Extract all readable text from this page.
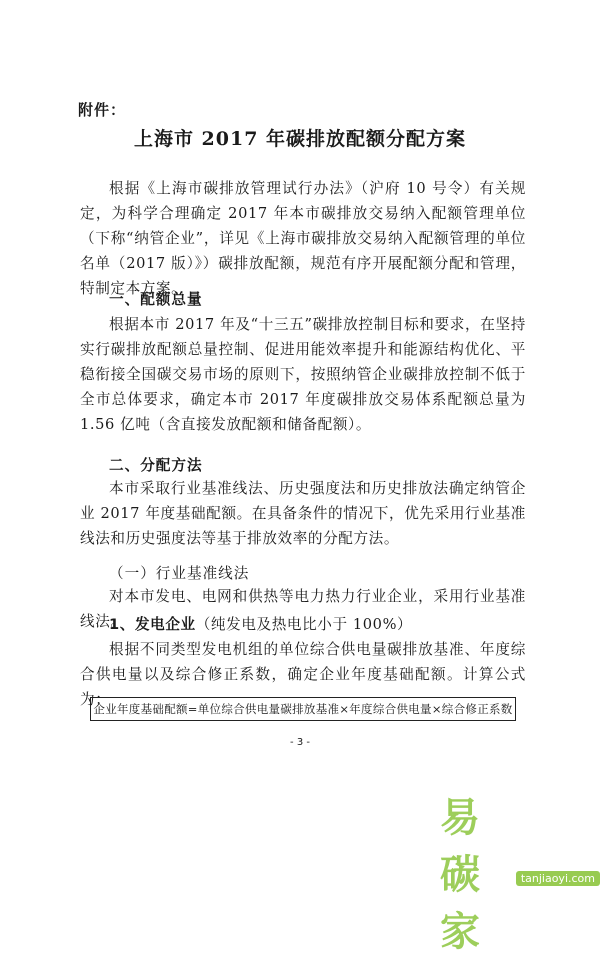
附件：
上海市 2017 年碳排放配额分配方案

根据《上海市碳排放管理试行办法》（沪府 10 号令）有关规定，为科学合理确定 2017 年本市碳排放交易纳入配额管理单位（下称“纳管企业”，详见《上海市碳排放交易纳入配额管理的单位名单（2017 版）》）碳排放配额，规范有序开展配额分配和管理，特制定本方案。

一、配额总量

根据本市 2017 年及“十三五”碳排放控制目标和要求，在坚持实行碳排放配额总量控制、促进用能效率提升和能源结构优化、平稳衔接全国碳交易市场的原则下，按照纳管企业碳排放控制不低于全市总体要求，确定本市 2017 年度碳排放交易体系配额总量为 1.56 亿吨（含直接发放配额和储备配额）。

二、分配方法

本市采取行业基准线法、历史强度法和历史排放法确定纳管企业 2017 年度基础配额。在具备条件的情况下，优先采用行业基准线法和历史强度法等基于排放效率的分配方法。

（一）行业基准线法

对本市发电、电网和供热等电力热力行业企业，采用行业基准线法。

1、发电企业（纯发电及热电比小于 100%）

根据不同类型发电机组的单位综合供电量碳排放基准、年度综合供电量以及综合修正系数，确定企业年度基础配额。计算公式为：

企业年度基础配额=单位综合供电量碳排放基准×年度综合供电量×综合修正系数
- 3 -
易碳家
tanjiaoyi.com
